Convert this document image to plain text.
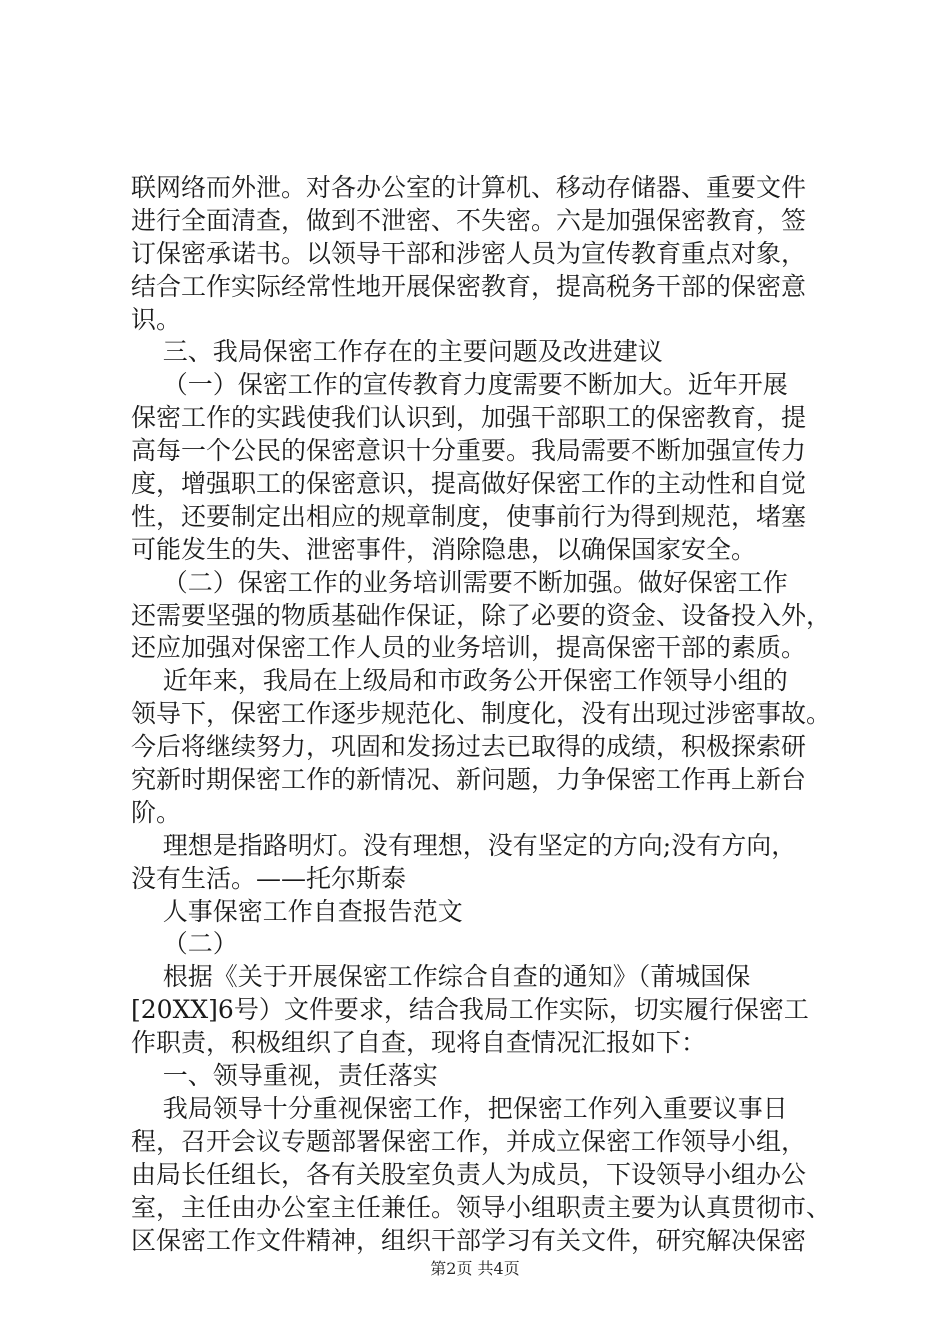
联网络而外泄。对各办公室的计算机、移动存储器、重要文件
进行全面清查，做到不泄密、不失密。六是加强保密教育，签
订保密承诺书。以领导干部和涉密人员为宣传教育重点对象，
结合工作实际经常性地开展保密教育，提高税务干部的保密意
识。
三、我局保密工作存在的主要问题及改进建议
（一）保密工作的宣传教育力度需要不断加大。近年开展
保密工作的实践使我们认识到，加强干部职工的保密教育，提
高每一个公民的保密意识十分重要。我局需要不断加强宣传力
度，增强职工的保密意识，提高做好保密工作的主动性和自觉
性，还要制定出相应的规章制度，使事前行为得到规范，堵塞
可能发生的失、泄密事件，消除隐患，以确保国家安全。
（二）保密工作的业务培训需要不断加强。做好保密工作
还需要坚强的物质基础作保证，除了必要的资金、设备投入外，
还应加强对保密工作人员的业务培训，提高保密干部的素质。
近年来，我局在上级局和市政务公开保密工作领导小组的
领导下，保密工作逐步规范化、制度化，没有出现过涉密事故。
今后将继续努力，巩固和发扬过去已取得的成绩，积极探索研
究新时期保密工作的新情况、新问题，力争保密工作再上新台
阶。
理想是指路明灯。没有理想，没有坚定的方向;没有方向，
没有生活。——托尔斯泰
人事保密工作自查报告范文
（二）
根据《关于开展保密工作综合自查的通知》（莆城国保
[20XX]6号）文件要求，结合我局工作实际，切实履行保密工
作职责，积极组织了自查，现将自查情况汇报如下：
一、领导重视，责任落实
我局领导十分重视保密工作，把保密工作列入重要议事日
程，召开会议专题部署保密工作，并成立保密工作领导小组，
由局长任组长，各有关股室负责人为成员，下设领导小组办公
室，主任由办公室主任兼任。领导小组职责主要为认真贯彻市、
区保密工作文件精神，组织干部学习有关文件，研究解决保密
第2页 共4页
